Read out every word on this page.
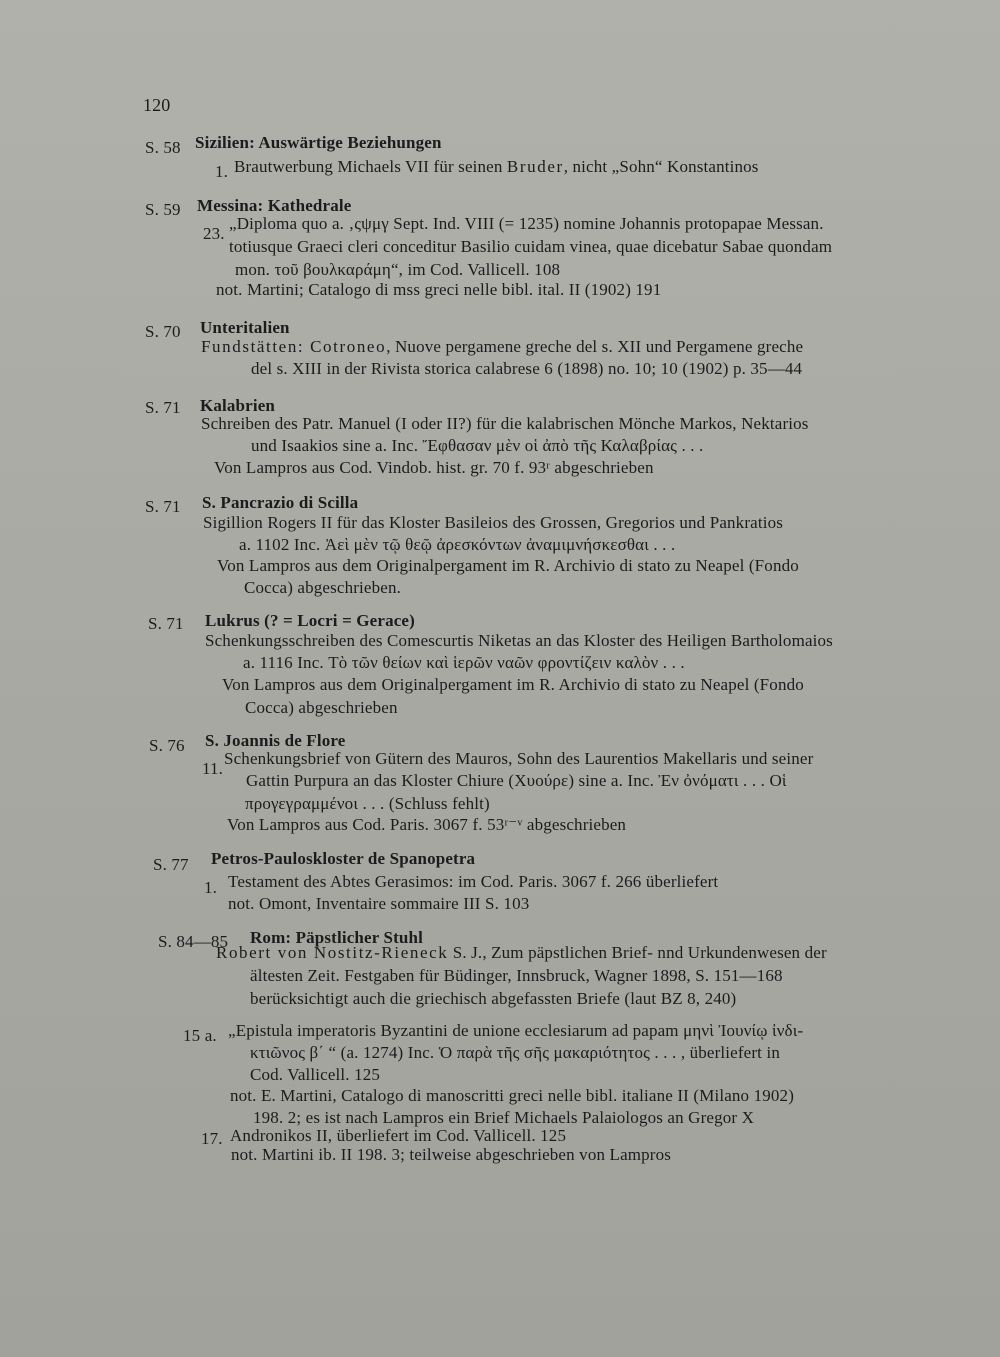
120
S. 58 Sizilien: Auswärtige Beziehungen
1. Brautwerbung Michaels VII für seinen Bruder, nicht „Sohn“ Konstantinos
S. 59 Messina: Kathedrale
23.
„Diploma quo a. ‚ςψμγ Sept. Ind. VIII (= 1235) nomine Johannis protopapae Messan.
totiusque Graeci cleri conceditur Basilio cuidam vinea, quae dicebatur Sabae quondam
mon. τοῦ βουλκαράμη“, im Cod. Vallicell. 108
not. Martini; Catalogo di mss greci nelle bibl. ital. II (1902) 191
S. 70 Unteritalien
Fundstätten: Cotroneo, Nuove pergamene greche del s. XII und Pergamene greche
del s. XIII in der Rivista storica calabrese 6 (1898) no. 10; 10 (1902) p. 35—44
S. 71 Kalabrien
Schreiben des Patr. Manuel (I oder II?) für die kalabrischen Mönche Markos, Nektarios
und Isaakios sine a. Inc. Ἔφθασαν μὲν οἱ ἀπὸ τῆς Καλαβρίας . . .
Von Lampros aus Cod. Vindob. hist. gr. 70 f. 93ʳ abgeschrieben
S. 71 S. Pancrazio di Scilla
Sigillion Rogers II für das Kloster Basileios des Grossen, Gregorios und Pankratios
a. 1102 Inc. Ἀεὶ μὲν τῷ θεῷ ἀρεσκόντων ἀναμιμνήσκεσθαι . . .
Von Lampros aus dem Originalpergament im R. Archivio di stato zu Neapel (Fondo
Cocca) abgeschrieben.
S. 71 Lukrus (? = Locri = Gerace)
Schenkungsschreiben des Comescurtis Niketas an das Kloster des Heiligen Bartholomaios
a. 1116 Inc. Τὸ τῶν θείων καὶ ἱερῶν ναῶν φροντίζειν καλὸν . . .
Von Lampros aus dem Originalpergament im R. Archivio di stato zu Neapel (Fondo
Cocca) abgeschrieben
S. 76 S. Joannis de Flore
11.
Schenkungsbrief von Gütern des Mauros, Sohn des Laurentios Makellaris und seiner
Gattin Purpura an das Kloster Chiure (Χυούρε) sine a. Inc. Ἐν ὀνόματι . . . Οἱ
προγεγραμμένοι . . . (Schluss fehlt)
Von Lampros aus Cod. Paris. 3067 f. 53ʳ⁻ᵛ abgeschrieben
S. 77 Petros-Pauloskloster de Spanopetra
1. Testament des Abtes Gerasimos: im Cod. Paris. 3067 f. 266 überliefert
not. Omont, Inventaire sommaire III S. 103
S. 84—85 Rom: Päpstlicher Stuhl
Robert von Nostitz-Rieneck S. J., Zum päpstlichen Brief- nnd Urkundenwesen der
ältesten Zeit. Festgaben für Büdinger, Innsbruck, Wagner 1898, S. 151—168
berücksichtigt auch die griechisch abgefassten Briefe (laut BZ 8, 240)
15 a. „Epistula imperatoris Byzantini de unione ecclesiarum ad papam μηνὶ Ἰουνίῳ ἰνδι-
κτιῶνος β΄ “ (a. 1274) Inc. Ὁ παρὰ τῆς σῆς μακαριότητος . . . , überliefert in
Cod. Vallicell. 125
not. E. Martini, Catalogo di manoscritti greci nelle bibl. italiane II (Milano 1902)
198. 2; es ist nach Lampros ein Brief Michaels Palaiologos an Gregor X
17. Andronikos II, überliefert im Cod. Vallicell. 125
not. Martini ib. II 198. 3; teilweise abgeschrieben von Lampros
